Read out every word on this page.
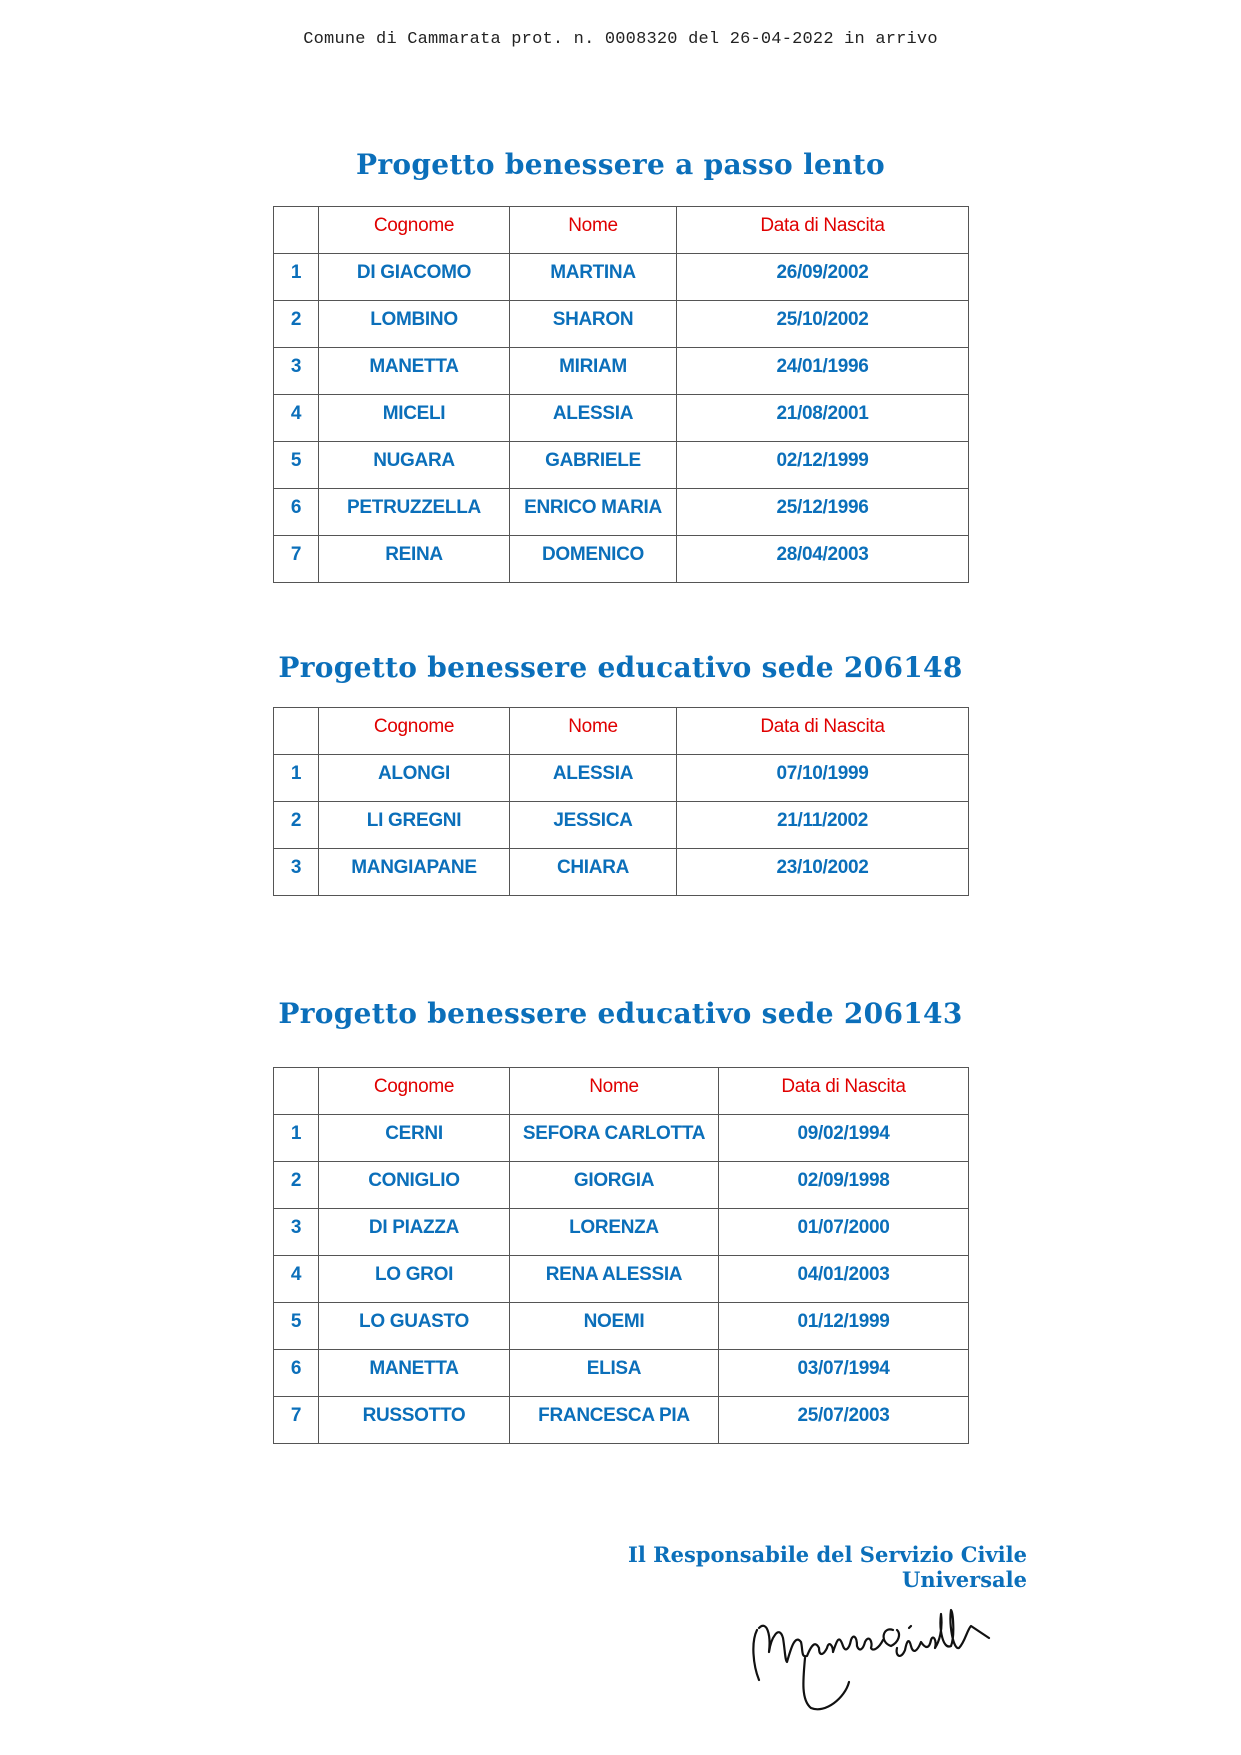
Comune di Cammarata prot. n. 0008320 del 26-04-2022 in arrivo
Progetto benessere a passo lento

	Cognome	Nome	Data di Nascita

1	DI GIACOMO	MARTINA	26/09/2002

2	LOMBINO	SHARON	25/10/2002

3	MANETTA	MIRIAM	24/01/1996

4	MICELI	ALESSIA	21/08/2001

5	NUGARA	GABRIELE	02/12/1999

6	PETRUZZELLA	ENRICO MARIA	25/12/1996

7	REINA	DOMENICO	28/04/2003
Progetto benessere educativo sede 206148

	Cognome	Nome	Data di Nascita

1	ALONGI	ALESSIA	07/10/1999

2	LI GREGNI	JESSICA	21/11/2002

3	MANGIAPANE	CHIARA	23/10/2002
Progetto benessere educativo sede 206143

	Cognome	Nome	Data di Nascita

1	CERNI	SEFORA CARLOTTA	09/02/1994

2	CONIGLIO	GIORGIA	02/09/1998

3	DI PIAZZA	LORENZA	01/07/2000

4	LO GROI	RENA ALESSIA	04/01/2003

5	LO GUASTO	NOEMI	01/12/1999

6	MANETTA	ELISA	03/07/1994

7	RUSSOTTO	FRANCESCA PIA	25/07/2003
Il Responsabile del Servizio Civile Universale
